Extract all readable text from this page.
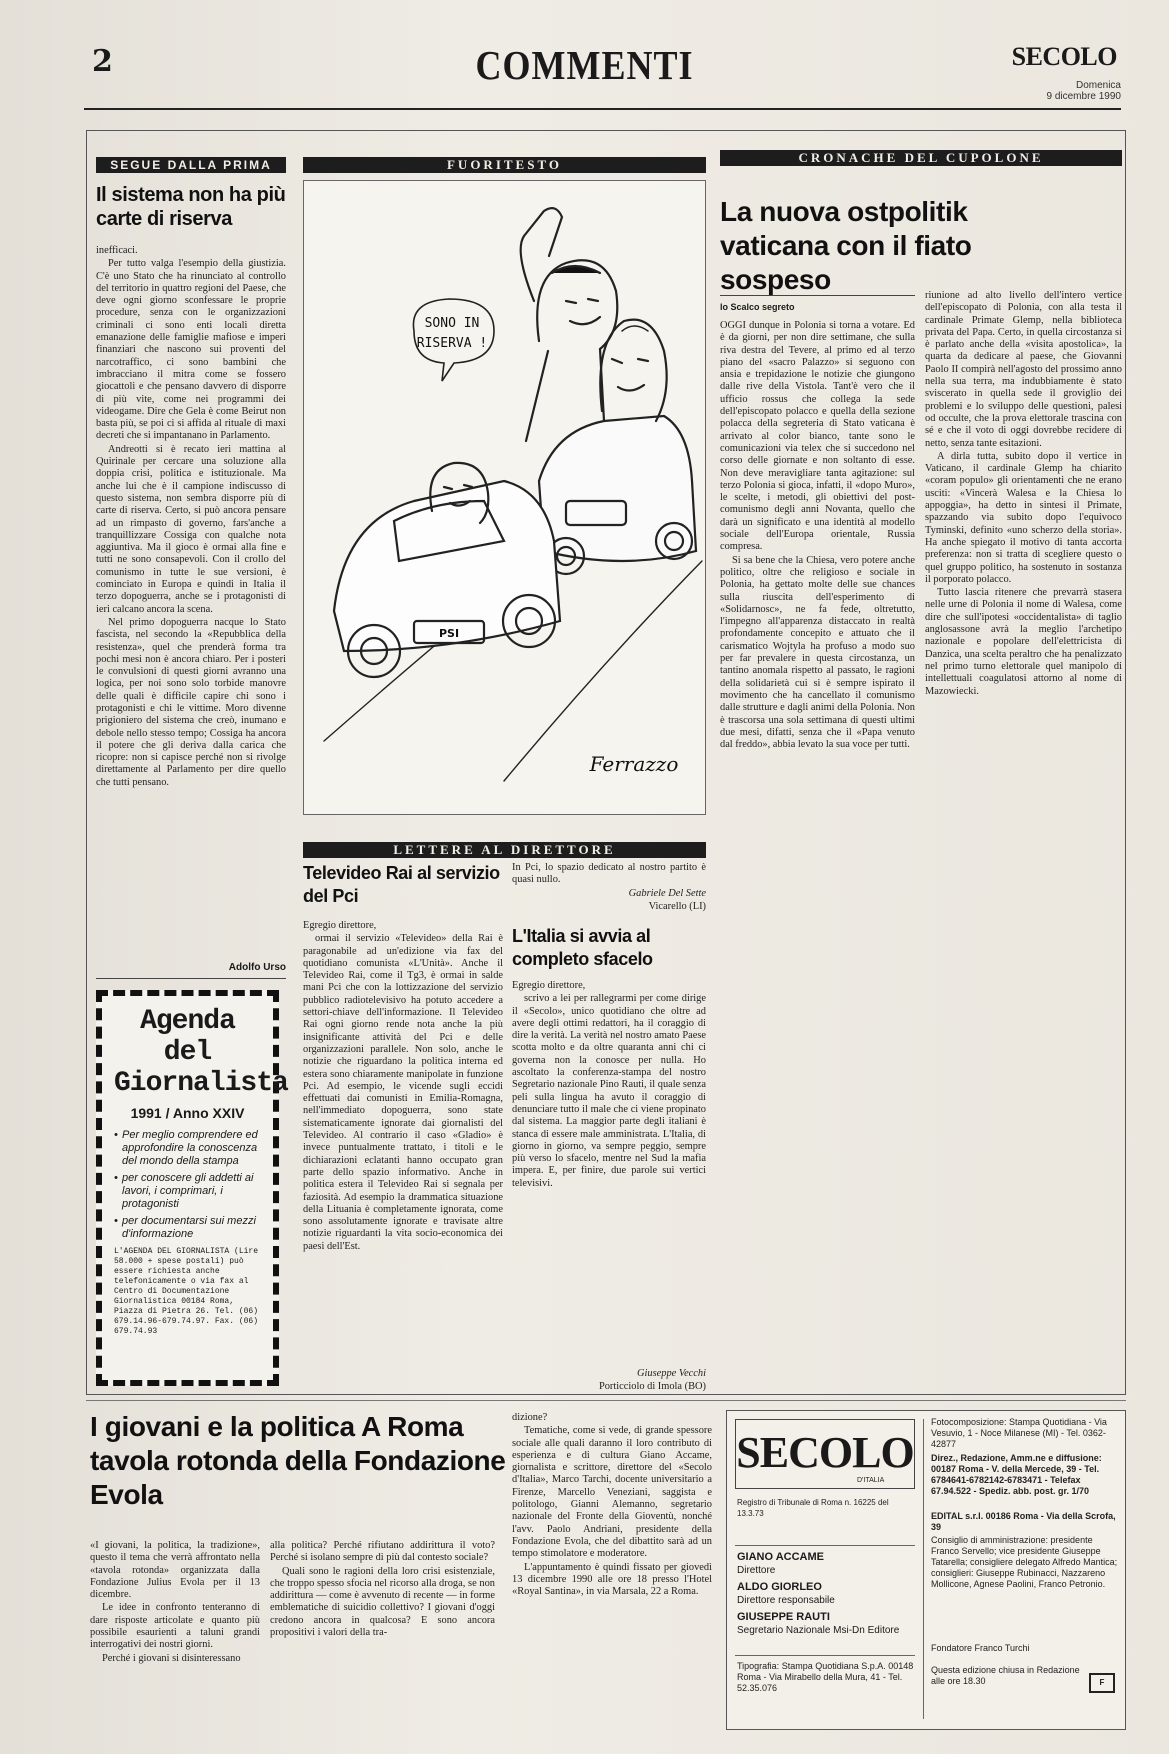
2	COMMENTI	SECOLO
Domenica
9 dicembre 1990
SEGUE DALLA PRIMA
Il sistema non ha più carte di riserva

inefficaci.

Per tutto valga l'esempio della giustizia. C'è uno Stato che ha rinunciato al controllo del territorio in quattro regioni del Paese, che deve ogni giorno sconfessare le proprie procedure, senza con le organizzazioni criminali ci sono enti locali diretta emanazione delle famiglie mafiose e imperi finanziari che nascono sui proventi del narcotraffico, ci sono bambini che imbracciano il mitra come se fossero giocattoli e che pensano davvero di disporre di più vite, come nei programmi dei videogame. Dire che Gela è come Beirut non basta più, se poi ci si affida al rituale di maxi decreti che si impantanano in Parlamento.

Andreotti si è recato ieri mattina al Quirinale per cercare una soluzione alla doppia crisi, politica e istituzionale. Ma anche lui che è il campione indiscusso di questo sistema, non sembra disporre più di carte di riserva. Certo, si può ancora pensare ad un rimpasto di governo, fars'anche a tranquillizzare Cossiga con qualche nota aggiuntiva. Ma il gioco è ormai alla fine e tutti ne sono consapevoli. Con il crollo del comunismo in tutte le sue versioni, è cominciato in Europa e quindi in Italia il terzo dopoguerra, anche se i protagonisti di ieri calcano ancora la scena.

Nel primo dopoguerra nacque lo Stato fascista, nel secondo la «Repubblica della resistenza», quel che prenderà forma tra pochi mesi non è ancora chiaro. Per i posteri le convulsioni di questi giorni avranno una logica, per noi sono solo torbide manovre delle quali è difficile capire chi sono i protagonisti e chi le vittime. Moro divenne prigioniero del sistema che creò, inumano e debole nello stesso tempo; Cossiga ha ancora il potere che gli deriva dalla carica che ricopre: non si capisce perché non si rivolge direttamente al Parlamento per dire quello che tutti pensano.

Adolfo Urso
Agenda del Giornalista
1991 / Anno XXIV
• Per meglio comprendere ed approfondire la conoscenza del mondo della stampa
• per conoscere gli addetti ai lavori, i comprimari, i protagonisti
• per documentarsi sui mezzi d'informazione
L'AGENDA DEL GIORNALISTA (Lire 58.000 + spese postali) può essere richiesta anche telefonicamente o via fax al Centro di Documentazione Giornalistica 00184 Roma, Piazza di Pietra 26. Tel. (06) 679.14.96-679.74.97. Fax. (06) 679.74.93
FUORITESTO
SONO IN
RISERVA !
PSI
Ferrazzo
LETTERE AL DIRETTORE
Televideo Rai al servizio del Pci

Egregio direttore,

ormai il servizio «Televideo» della Rai è paragonabile ad un'edizione via fax del quotidiano comunista «L'Unità». Anche il Televideo Rai, come il Tg3, è ormai in salde mani Pci che con la lottizzazione del servizio pubblico radiotelevisivo ha potuto accedere a settori-chiave dell'informazione. Il Televideo Rai ogni giorno rende nota anche la più insignificante attività del Pci e delle organizzazioni parallele. Non solo, anche le notizie che riguardano la politica interna ed estera sono chiaramente manipolate in funzione Pci. Ad esempio, le vicende sugli eccidi effettuati dai comunisti in Emilia-Romagna, nell'immediato dopoguerra, sono state sistematicamente ignorate dai giornalisti del Televideo. Al contrario il caso «Gladio» è invece puntualmente trattato, i titoli e le dichiarazioni eclatanti hanno occupato gran parte dello spazio informativo. Anche in politica estera il Televideo Rai si segnala per faziosità. Ad esempio la drammatica situazione della Lituania è completamente ignorata, come sono assolutamente ignorate e travisate altre notizie riguardanti la vita socio-economica dei paesi dell'Est.

In Pci, lo spazio dedicato al nostro partito è quasi nullo.

Gabriele Del Sette

Vicarello (LI)

L'Italia si avvia al completo sfacelo

Egregio direttore,

scrivo a lei per rallegrarmi per come dirige il «Secolo», unico quotidiano che oltre ad avere degli ottimi redattori, ha il coraggio di dire la verità. La verità nel nostro amato Paese scotta molto e da oltre quaranta anni chi ci governa non la conosce per nulla. Ho ascoltato la conferenza-stampa del nostro Segretario nazionale Pino Rauti, il quale senza peli sulla lingua ha avuto il coraggio di denunciare tutto il male che ci viene propinato dal sistema. La maggior parte degli italiani è stanca di essere male amministrata. L'Italia, di giorno in giorno, va sempre peggio, sempre più verso lo sfacelo, mentre nel Sud la mafia impera. E, per finire, due parole sui vertici televisivi.

Giuseppe Vecchi

Porticciolo di Imola (BO)

CRONACHE DEL CUPOLONE
La nuova ostpolitik vaticana con il fiato sospeso
lo Scalco segreto

OGGI dunque in Polonia si torna a votare. Ed è da giorni, per non dire settimane, che sulla riva destra del Tevere, al primo ed al terzo piano del «sacro Palazzo» si seguono con ansia e trepidazione le notizie che giungono dalle rive della Vistola. Tant'è vero che il ufficio rossus che collega la sede dell'episcopato polacco e quella della sezione polacca della segreteria di Stato vaticana è arrivato al color bianco, tante sono le comunicazioni via telex che si succedono nel corso delle giornate e non soltanto di esse. Non deve meravigliare tanta agitazione: sul terzo Polonia si gioca, infatti, il «dopo Muro», le scelte, i metodi, gli obiettivi del post-comunismo degli anni Novanta, quello che darà un significato e una identità al modello sociale dell'Europa orientale, Russia compresa.

Si sa bene che la Chiesa, vero potere anche politico, oltre che religioso e sociale in Polonia, ha gettato molte delle sue chances sulla riuscita dell'esperimento di «Solidarnosc», ne fa fede, oltretutto, l'impegno all'apparenza distaccato in realtà profondamente concepito e attuato che il carismatico Wojtyla ha profuso a modo suo per far prevalere in questa circostanza, un tantino anomala rispetto al passato, le ragioni della solidarietà cui si è sempre ispirato il movimento che ha cancellato il comunismo dalle strutture e dagli animi della Polonia. Non è trascorsa una sola settimana di questi ultimi due mesi, difatti, senza che il «Papa venuto dal freddo», abbia levato la sua voce per tutti.

riunione ad alto livello dell'intero vertice dell'episcopato di Polonia, con alla testa il cardinale Primate Glemp, nella biblioteca privata del Papa. Certo, in quella circostanza si è parlato anche della «visita apostolica», la quarta da dedicare al paese, che Giovanni Paolo II compirà nell'agosto del prossimo anno nella sua terra, ma indubbiamente è stato sviscerato in quella sede il groviglio dei problemi e lo sviluppo delle questioni, palesi od occulte, che la prova elettorale trascina con sé e che il voto di oggi dovrebbe recidere di netto, senza tante esitazioni.

A dirla tutta, subito dopo il vertice in Vaticano, il cardinale Glemp ha chiarito «coram populo» gli orientamenti che ne erano usciti: «Vincerà Walesa e la Chiesa lo appoggia», ha detto in sintesi il Primate, spazzando via subito dopo l'equivoco Tyminski, definito «uno scherzo della storia». Ha anche spiegato il motivo di tanta accorta preferenza: non si tratta di scegliere questo o quel gruppo politico, ha sostenuto in sostanza il porporato polacco.

Tutto lascia ritenere che prevarrà stasera nelle urne di Polonia il nome di Walesa, come dire che sull'ipotesi «occidentalista» di taglio anglosassone avrà la meglio l'archetipo nazionale e popolare dell'elettricista di Danzica, una scelta peraltro che ha penalizzato nel primo turno elettorale quel manipolo di intellettuali coagulatosi attorno al nome di Mazowiecki.

I giovani e la politica A Roma tavola rotonda della Fondazione Evola

«I giovani, la politica, la tradizione», questo il tema che verrà affrontato nella «tavola rotonda» organizzata dalla Fondazione Julius Evola per il 13 dicembre.

Le idee in confronto tenteranno di dare risposte articolate e quanto più possibile esaurienti a taluni grandi interrogativi dei nostri giorni.

Perché i giovani si disinteressano

alla politica? Perché rifiutano addirittura il voto? Perché si isolano sempre di più dal contesto sociale?

Quali sono le ragioni della loro crisi esistenziale, che troppo spesso sfocia nel ricorso alla droga, se non addirittura — come è avvenuto di recente — in forme emblematiche di suicidio collettivo? I giovani d'oggi credono ancora in qualcosa? E sono ancora propositivi i valori della tra-

dizione?

Tematiche, come si vede, di grande spessore sociale alle quali daranno il loro contributo di esperienza e di cultura Giano Accame, giornalista e scrittore, direttore del «Secolo d'Italia», Marco Tarchi, docente universitario a Firenze, Marcello Veneziani, saggista e politologo, Gianni Alemanno, segretario nazionale del Fronte della Gioventù, nonché l'avv. Paolo Andriani, presidente della Fondazione Evola, che del dibattito sarà ad un tempo stimolatore e moderatore.

L'appuntamento è quindi fissato per giovedì 13 dicembre 1990 alle ore 18 presso l'Hotel «Royal Santina», in via Marsala, 22 a Roma.

SECOLO
D'ITALIA
Registro di Tribunale di Roma n. 16225 del 13.3.73
GIANO ACCAME
Direttore
ALDO GIORLEO
Direttore responsabile
GIUSEPPE RAUTI
Segretario Nazionale Msi-Dn Editore
Tipografia: Stampa Quotidiana S.p.A. 00148 Roma - Via Mirabello della Mura, 41 - Tel. 52.35.076
Fotocomposizione: Stampa Quotidiana - Via Vesuvio, 1 - Noce Milanese (MI) - Tel. 0362-42877
Direz., Redazione, Amm.ne e diffusione: 00187 Roma - V. della Mercede, 39 - Tel. 6784641-6782142-6783471 - Telefax 67.94.522 - Spediz. abb. post. gr. 1/70
EDITAL s.r.l. 00186 Roma - Via della Scrofa, 39
Consiglio di amministrazione: presidente Franco Servello; vice presidente Giuseppe Tatarella; consigliere delegato Alfredo Mantica; consiglieri: Giuseppe Rubinacci, Nazzareno Mollicone, Agnese Paolini, Franco Petronio.
Fondatore Franco Turchi
Questa edizione chiusa in Redazione alle ore 18.30	F
